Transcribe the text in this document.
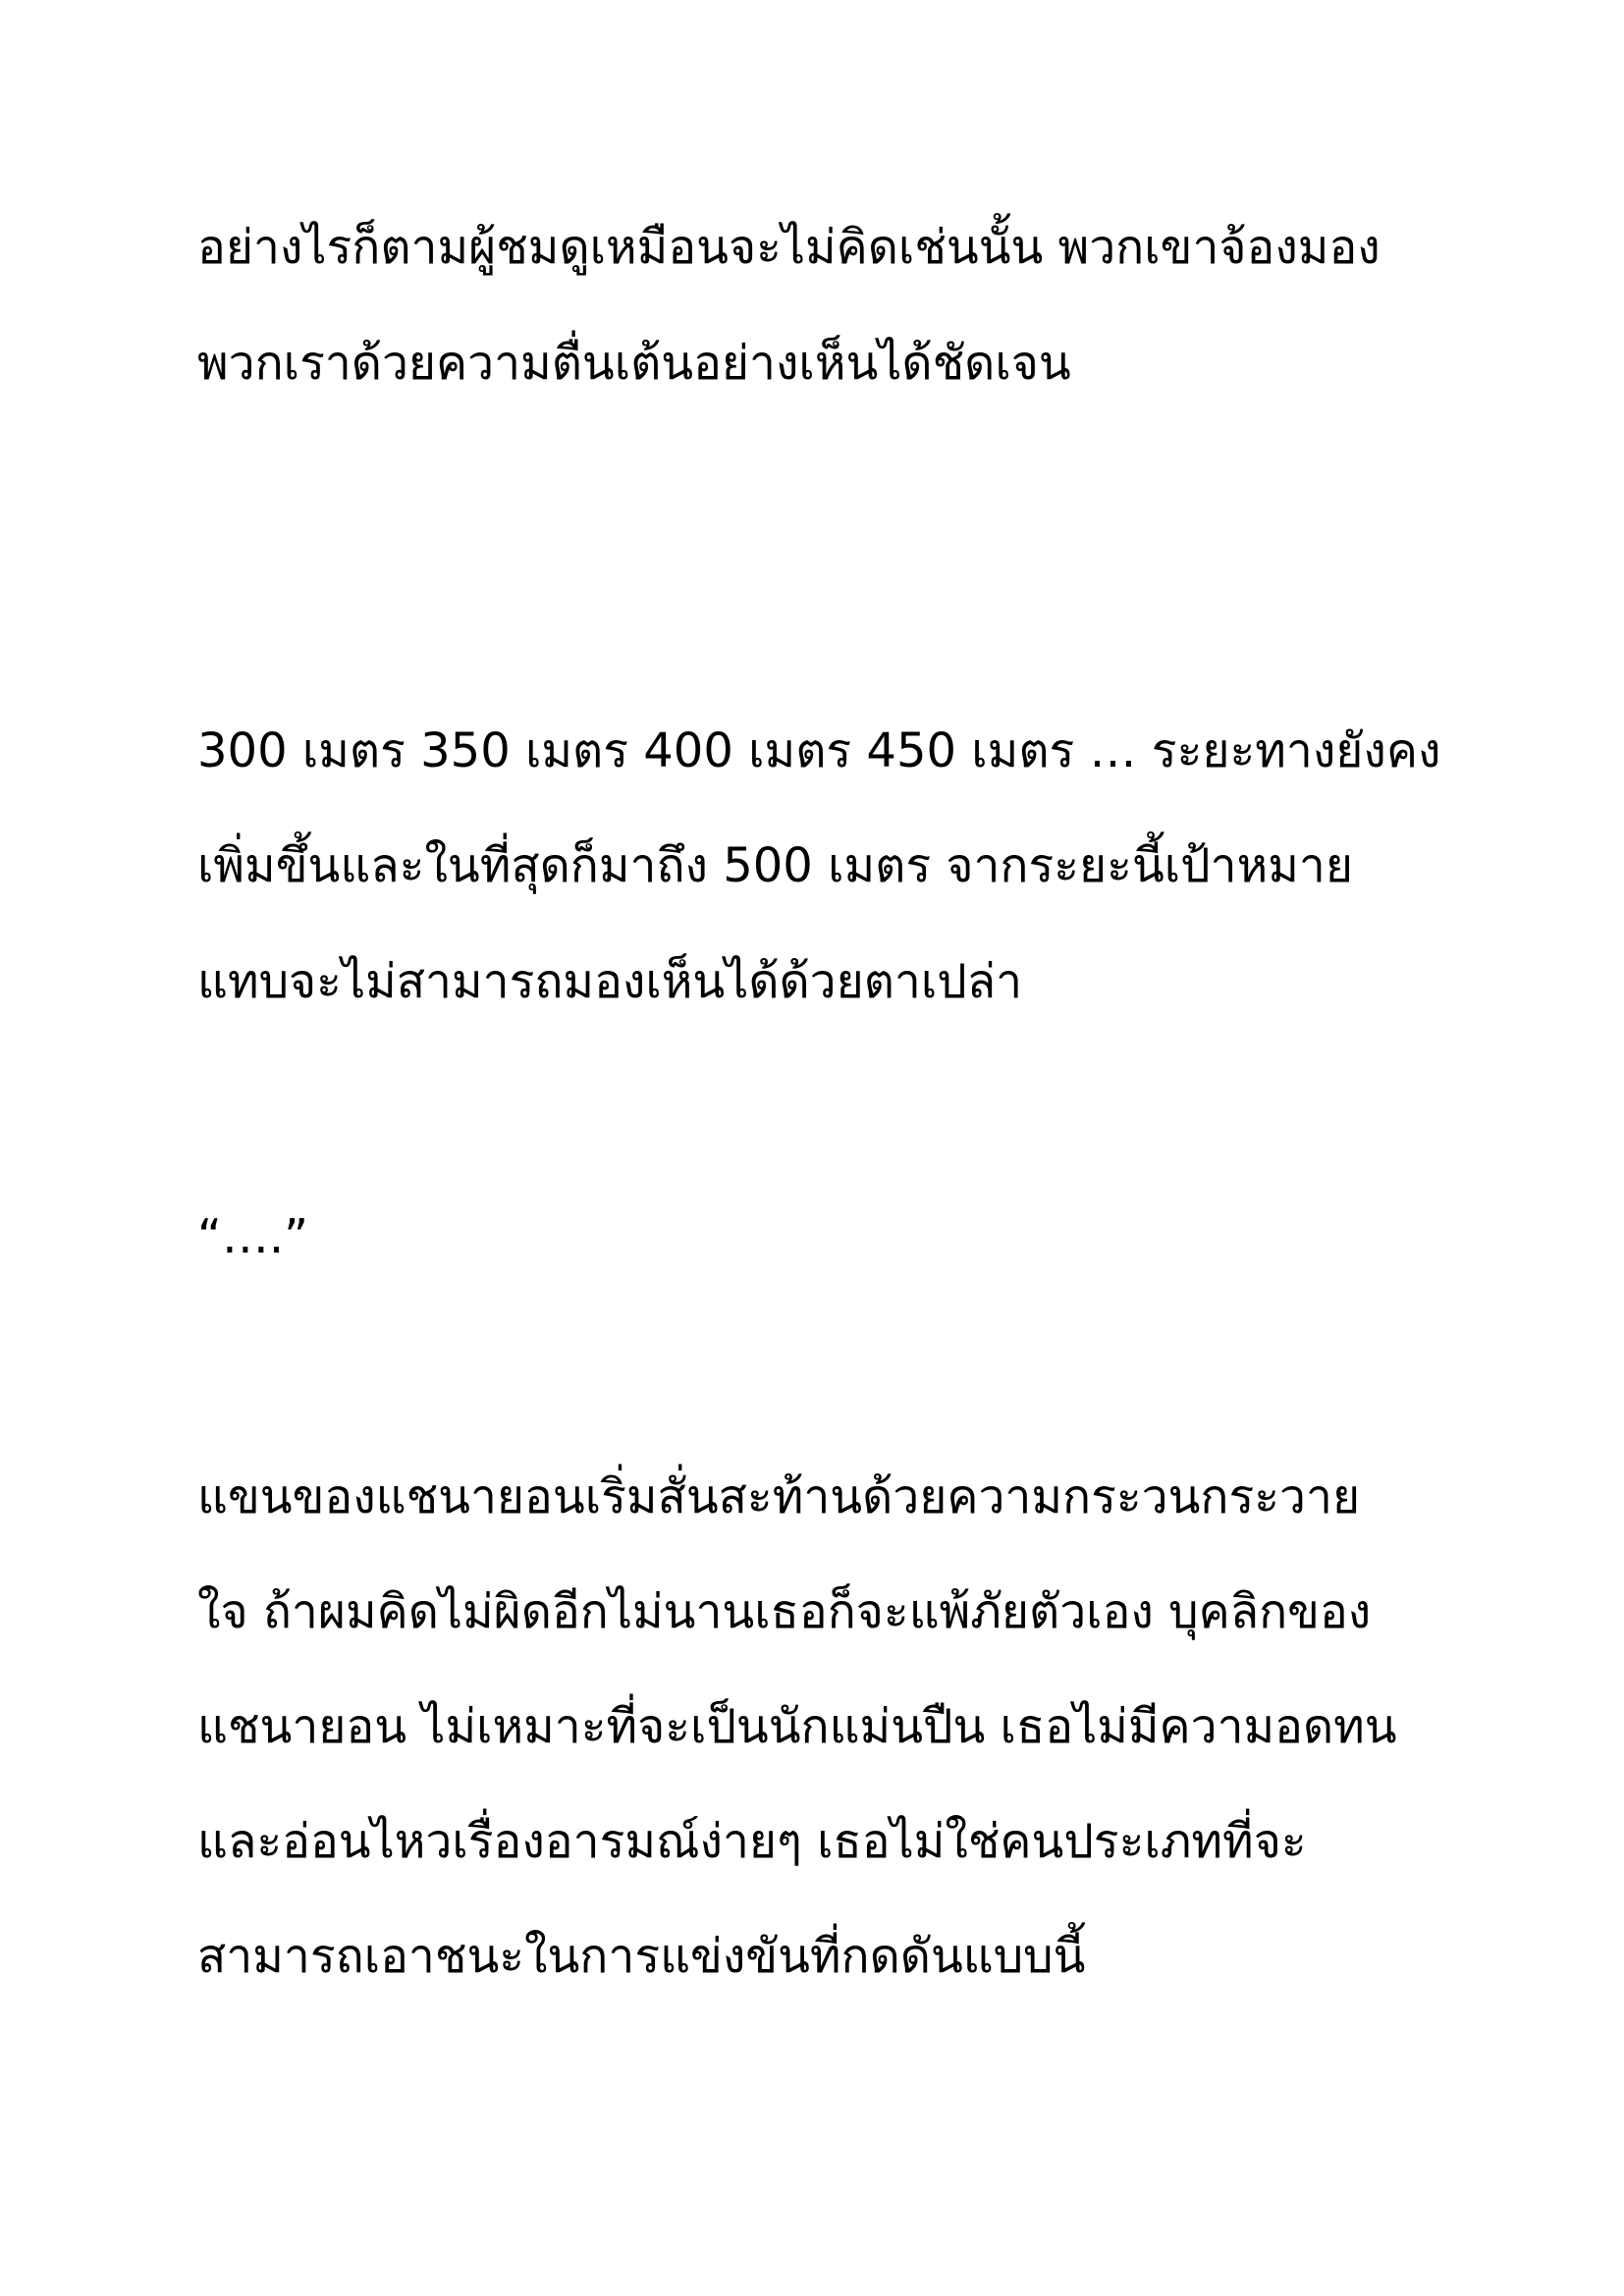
อย่างไรก็ตามผู้ชมดูเหมือนจะไม่คิดเช่นนั้น พวกเขาจ้องมอง

พวกเราด้วยความตื่นเต้นอย่างเห็นได้ชัดเจน

300 เมตร 350 เมตร 400 เมตร 450 เมตร … ระยะทางยังคง

เพิ่มขึ้นและในที่สุดก็มาถึง 500 เมตร จากระยะนี้เป้าหมาย

แทบจะไม่สามารถมองเห็นได้ด้วยตาเปล่า

“….”

แขนของแชนายอนเริ่มสั่นสะท้านด้วยความกระวนกระวาย

ใจ ถ้าผมคิดไม่ผิดอีกไม่นานเธอก็จะแพ้ภัยตัวเอง บุคลิกของ

แชนายอน ไม่เหมาะที่จะเป็นนักแม่นปืน เธอไม่มีความอดทน

และอ่อนไหวเรื่องอารมณ์ง่ายๆ เธอไม่ใช่คนประเภทที่จะ

สามารถเอาชนะในการแข่งขันที่กดดันแบบนี้
